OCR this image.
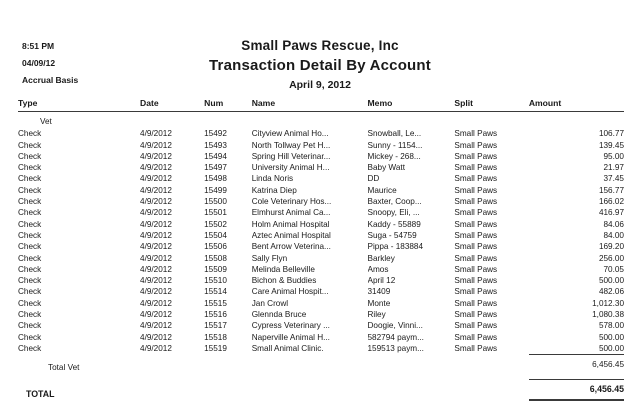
8:51 PM
04/09/12
Accrual Basis
Small Paws Rescue, Inc
Transaction Detail By Account
April 9, 2012
Type	Date	Num	Name	Memo	Split	Amount
Vet						
Check	4/9/2012	15492	Cityview Animal Ho...	Snowball, Le...	Small Paws	106.77
Check	4/9/2012	15493	North Tollway Pet H...	Sunny - 1154...	Small Paws	139.45
Check	4/9/2012	15494	Spring Hill Veterinar...	Mickey - 268...	Small Paws	95.00
Check	4/9/2012	15497	University Animal H...	Baby Watt	Small Paws	21.97
Check	4/9/2012	15498	Linda Noris	DD	Small Paws	37.45
Check	4/9/2012	15499	Katrina Diep	Maurice	Small Paws	156.77
Check	4/9/2012	15500	Cole Veterinary Hos...	Baxter, Coop...	Small Paws	166.02
Check	4/9/2012	15501	Elmhurst Animal Ca...	Snoopy, Eli, ...	Small Paws	416.97
Check	4/9/2012	15502	Holm Animal Hospital	Kaddy - 55889	Small Paws	84.06
Check	4/9/2012	15504	Aztec Animal Hospital	Suga - 54759	Small Paws	84.00
Check	4/9/2012	15506	Bent Arrow Veterina...	Pippa - 183884	Small Paws	169.20
Check	4/9/2012	15508	Sally Flyn	Barkley	Small Paws	256.00
Check	4/9/2012	15509	Melinda Belleville	Amos	Small Paws	70.05
Check	4/9/2012	15510	Bichon & Buddies	April 12	Small Paws	500.00
Check	4/9/2012	15514	Care Animal Hospit...	31409	Small Paws	482.06
Check	4/9/2012	15515	Jan Crowl	Monte	Small Paws	1,012.30
Check	4/9/2012	15516	Glennda Bruce	Riley	Small Paws	1,080.38
Check	4/9/2012	15517	Cypress Veterinary ...	Doogie, Vinni...	Small Paws	578.00
Check	4/9/2012	15518	Naperville Animal H...	582794 paym...	Small Paws	500.00
Check	4/9/2012	15519	Small Animal Clinic.	159513 paym...	Small Paws	500.00
Total Vet						6,456.45

TOTAL						6,456.45
